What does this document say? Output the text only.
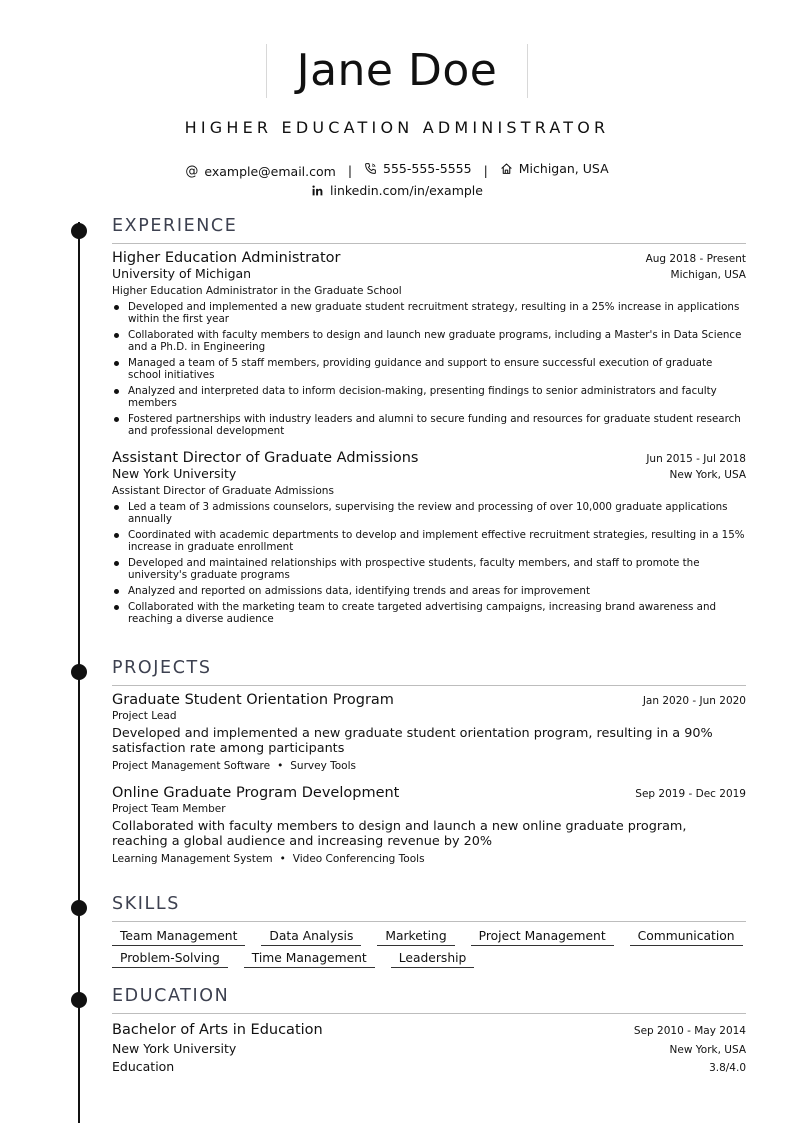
Jane Doe
HIGHER EDUCATION ADMINISTRATOR
@ example@email.com | 555-555-5555 | Michigan, USA
linkedin.com/in/example
EXPERIENCE
Higher Education Administrator	Aug 2018 - Present
University of Michigan	Michigan, USA
Higher Education Administrator in the Graduate School
Developed and implemented a new graduate student recruitment strategy, resulting in a 25% increase in applications within the first year
Collaborated with faculty members to design and launch new graduate programs, including a Master's in Data Science and a Ph.D. in Engineering
Managed a team of 5 staff members, providing guidance and support to ensure successful execution of graduate school initiatives
Analyzed and interpreted data to inform decision-making, presenting findings to senior administrators and faculty members
Fostered partnerships with industry leaders and alumni to secure funding and resources for graduate student research and professional development
Assistant Director of Graduate Admissions	Jun 2015 - Jul 2018
New York University	New York, USA
Assistant Director of Graduate Admissions
Led a team of 3 admissions counselors, supervising the review and processing of over 10,000 graduate applications annually
Coordinated with academic departments to develop and implement effective recruitment strategies, resulting in a 15% increase in graduate enrollment
Developed and maintained relationships with prospective students, faculty members, and staff to promote the university's graduate programs
Analyzed and reported on admissions data, identifying trends and areas for improvement
Collaborated with the marketing team to create targeted advertising campaigns, increasing brand awareness and reaching a diverse audience
PROJECTS
Graduate Student Orientation Program	Jan 2020 - Jun 2020
Project Lead
Developed and implemented a new graduate student orientation program, resulting in a 90% satisfaction rate among participants
Project Management Software • Survey Tools
Online Graduate Program Development	Sep 2019 - Dec 2019
Project Team Member
Collaborated with faculty members to design and launch a new online graduate program, reaching a global audience and increasing revenue by 20%
Learning Management System • Video Conferencing Tools
SKILLS
Team Management	Data Analysis	Marketing	Project Management	Communication
Problem-Solving	Time Management	Leadership
EDUCATION
Bachelor of Arts in Education	Sep 2010 - May 2014
New York University	New York, USA
Education	3.8/4.0
